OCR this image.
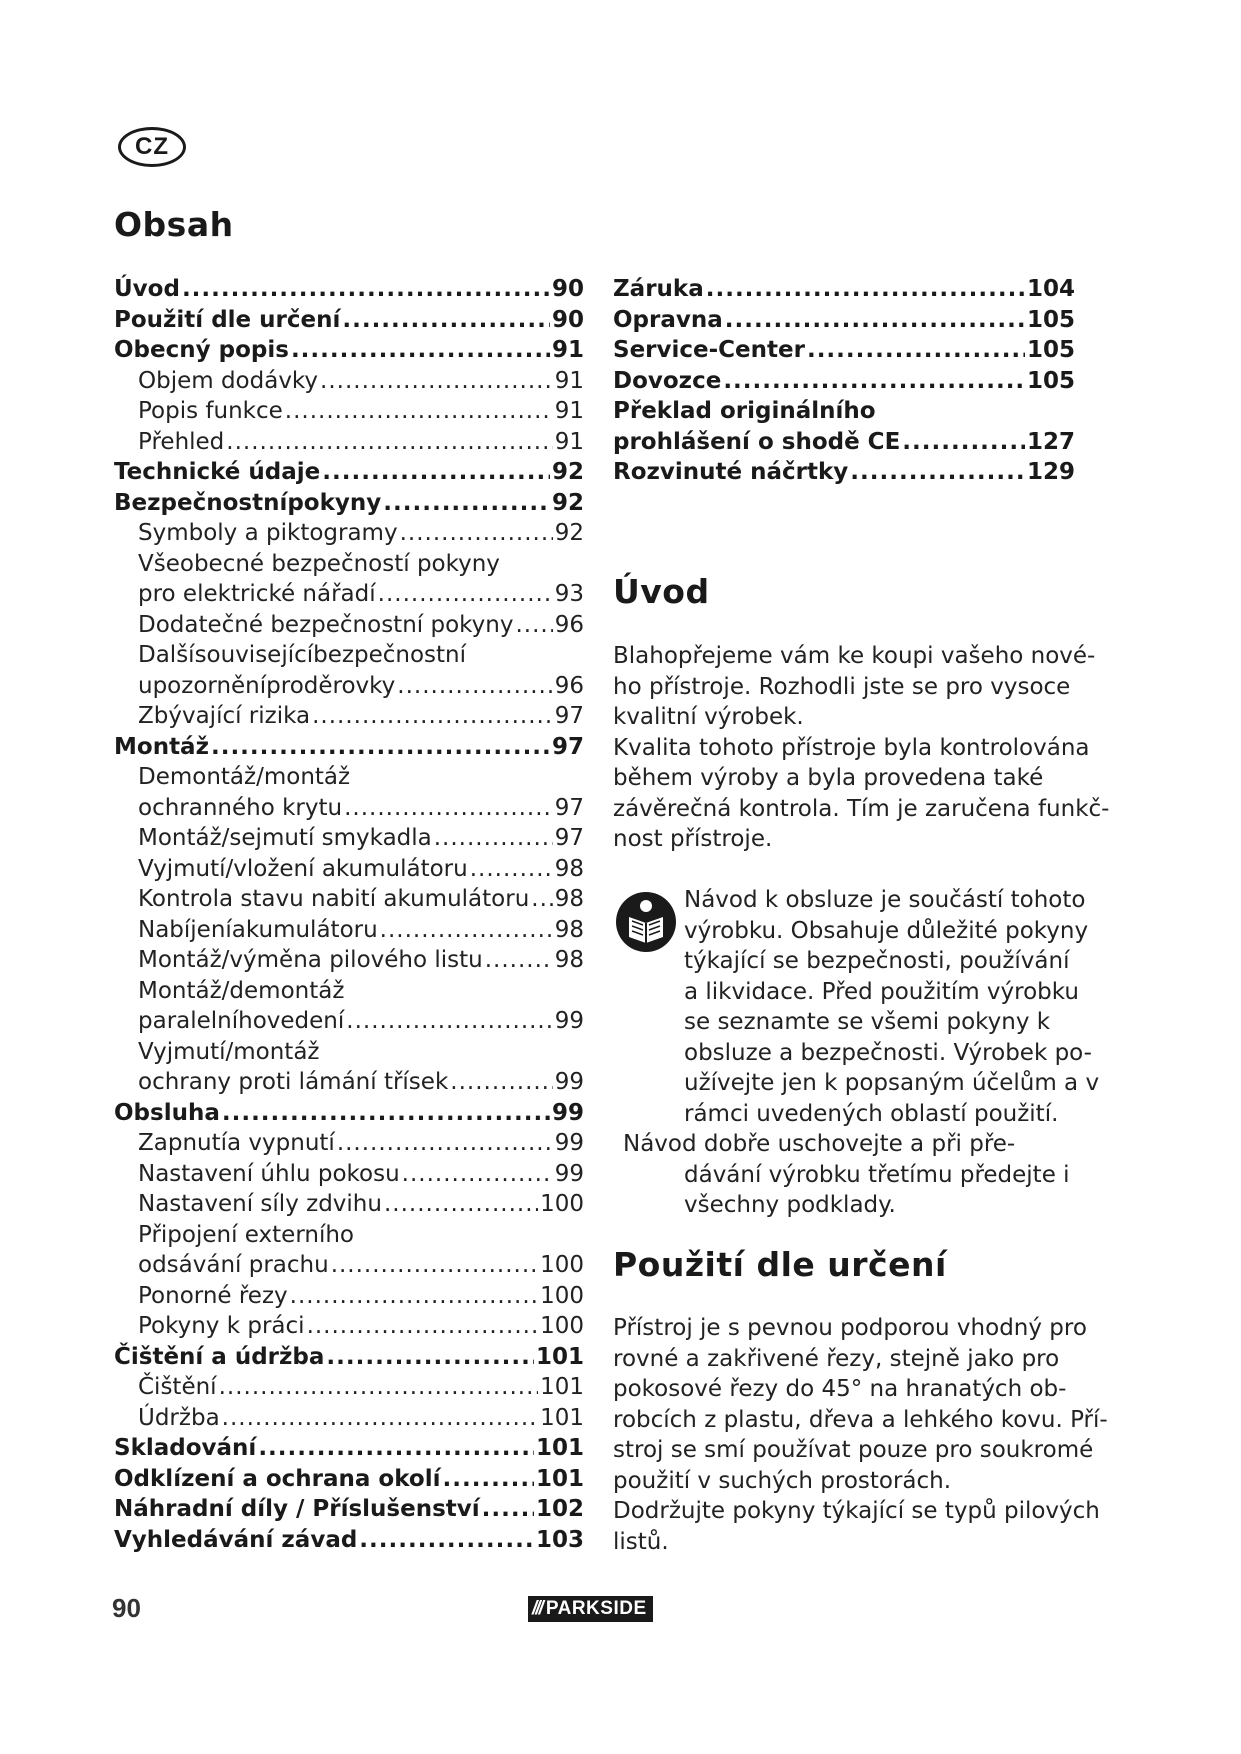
CZ
Obsah
Úvod .....	90
Použití dle určení .....	90
Obecný popis .....	91
Objem dodávky .....	91
Popis funkce .....	91
Přehled .....	91
Technické údaje .....	92
Bezpečnostnípokyny .....	92
Symboly a piktogramy .....	92
Všeobecné bezpečností pokyny
pro elektrické nářadí .....	93
Dodatečné bezpečnostní pokyny ..... 96
Dalšísouvisejícíbezpečnostní
upozorněníproděrovky .....	96
Zbývající rizika .....	97
Montáž .....	97
Demontáž/montáž
ochranného krytu .....	97
Montáž/sejmutí smykadla .....	97
Vyjmutí/vložení akumulátoru .....	98
Kontrola stavu nabití akumulátoru ..... 98
Nabíjeníakumulátoru .....	98
Montáž/výměna pilového listu .....	98
Montáž/demontáž
paralelníhovedení .....	99
Vyjmutí/montáž
ochrany proti lámání třísek .....	99
Obsluha .....	99
Zapnutía vypnutí .....	99
Nastavení úhlu pokosu .....	99
Nastavení síly zdvihu .....	100
Připojení externího
odsávání prachu .....	100
Ponorné řezy .....	100
Pokyny k práci .....	100
Čištění a údržba .....	101
Čištění .....	101
Údržba .....	101
Skladování .....	101
Odklízení a ochrana okolí .....	101
Náhradní díly / Příslušenství ..... 102
Vyhledávání závad .....	103
Záruka .....	104
Opravna .....	105
Service-Center .....	105
Dovozce .....	105
Překlad originálního
prohlášení o shodě CE .....	127
Rozvinuté náčrtky .....	129
Úvod
Blahopřejeme vám ke koupi vašeho nové-
ho přístroje. Rozhodli jste se pro vysoce
kvalitní výrobek.
Kvalita tohoto přístroje byla kontrolována
během výroby a byla provedena také
závěrečná kontrola. Tím je zaručena funkč-
nost přístroje.
Návod k obsluze je součástí tohoto
výrobku. Obsahuje důležité pokyny
týkající se bezpečnosti, používání
a likvidace. Před použitím výrobku
se seznamte se všemi pokyny k
obsluze a bezpečnosti. Výrobek po-
užívejte jen k popsaným účelům a v
rámci uvedených oblastí použití.
Návod dobře uschovejte a při pře-
dávání výrobku třetímu předejte i
všechny podklady.
Použití dle určení
Přístroj je s pevnou podporou vhodný pro
rovné a zakřivené řezy, stejně jako pro
pokosové řezy do 45° na hranatých ob-
robcích z plastu, dřeva a lehkého kovu. Pří-
stroj se smí používat pouze pro soukromé
použití v suchých prostorách.
Dodržujte pokyny týkající se typů pilových
listů.
90	/// PARKSIDE
